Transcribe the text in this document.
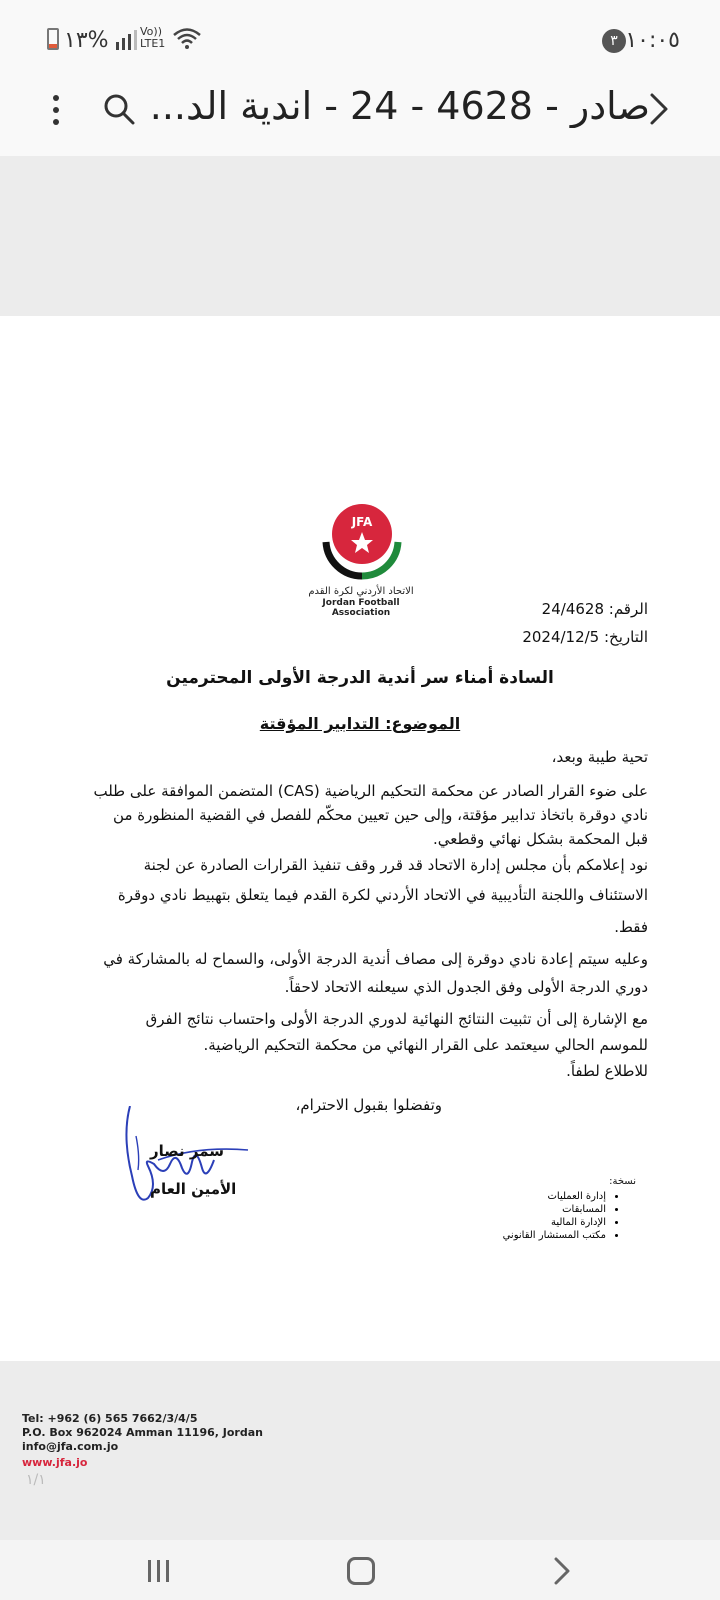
١٣%	Vo))
LTE1	٣ ١٠:٠٥
صادر - 4628 - 24 - اندية الد...
JFA
الاتحاد الأردني لكرة القدم
Jordan Football Association	الرقم: 24/4628
التاريخ: 2024/12/5
السادة أمناء سر أندية الدرجة الأولى المحترمين
الموضوع: التدابير المؤقتة
تحية طيبة وبعد،
على ضوء القرار الصادر عن محكمة التحكيم الرياضية (CAS) المتضمن الموافقة على طلب
نادي دوقرة باتخاذ تدابير مؤقتة، وإلى حين تعيين محكّم للفصل في القضية المنظورة من
قبل المحكمة بشكل نهائي وقطعي.
نود إعلامكم بأن مجلس إدارة الاتحاد قد قرر وقف تنفيذ القرارات الصادرة عن لجنة
الاستئناف واللجنة التأديبية في الاتحاد الأردني لكرة القدم فيما يتعلق بتهبيط نادي دوقرة
فقط.
وعليه سيتم إعادة نادي دوقرة إلى مصاف أندية الدرجة الأولى، والسماح له بالمشاركة في
دوري الدرجة الأولى وفق الجدول الذي سيعلنه الاتحاد لاحقاً.
مع الإشارة إلى أن تثبيت النتائج النهائية لدوري الدرجة الأولى واحتساب نتائج الفرق
للموسم الحالي سيعتمد على القرار النهائي من محكمة التحكيم الرياضية.
للاطلاع لطفاً.
وتفضلوا بقبول الاحترام،
سمر نصار
الأمين العام	نسخة:
• إدارة العمليات
• المسابقات
• الإدارة المالية
• مكتب المستشار القانوني
Tel: +962 (6) 565 7662/3/4/5
P.O. Box 962024 Amman 11196, Jordan
info@jfa.com.jo
www.jfa.jo
١/١
